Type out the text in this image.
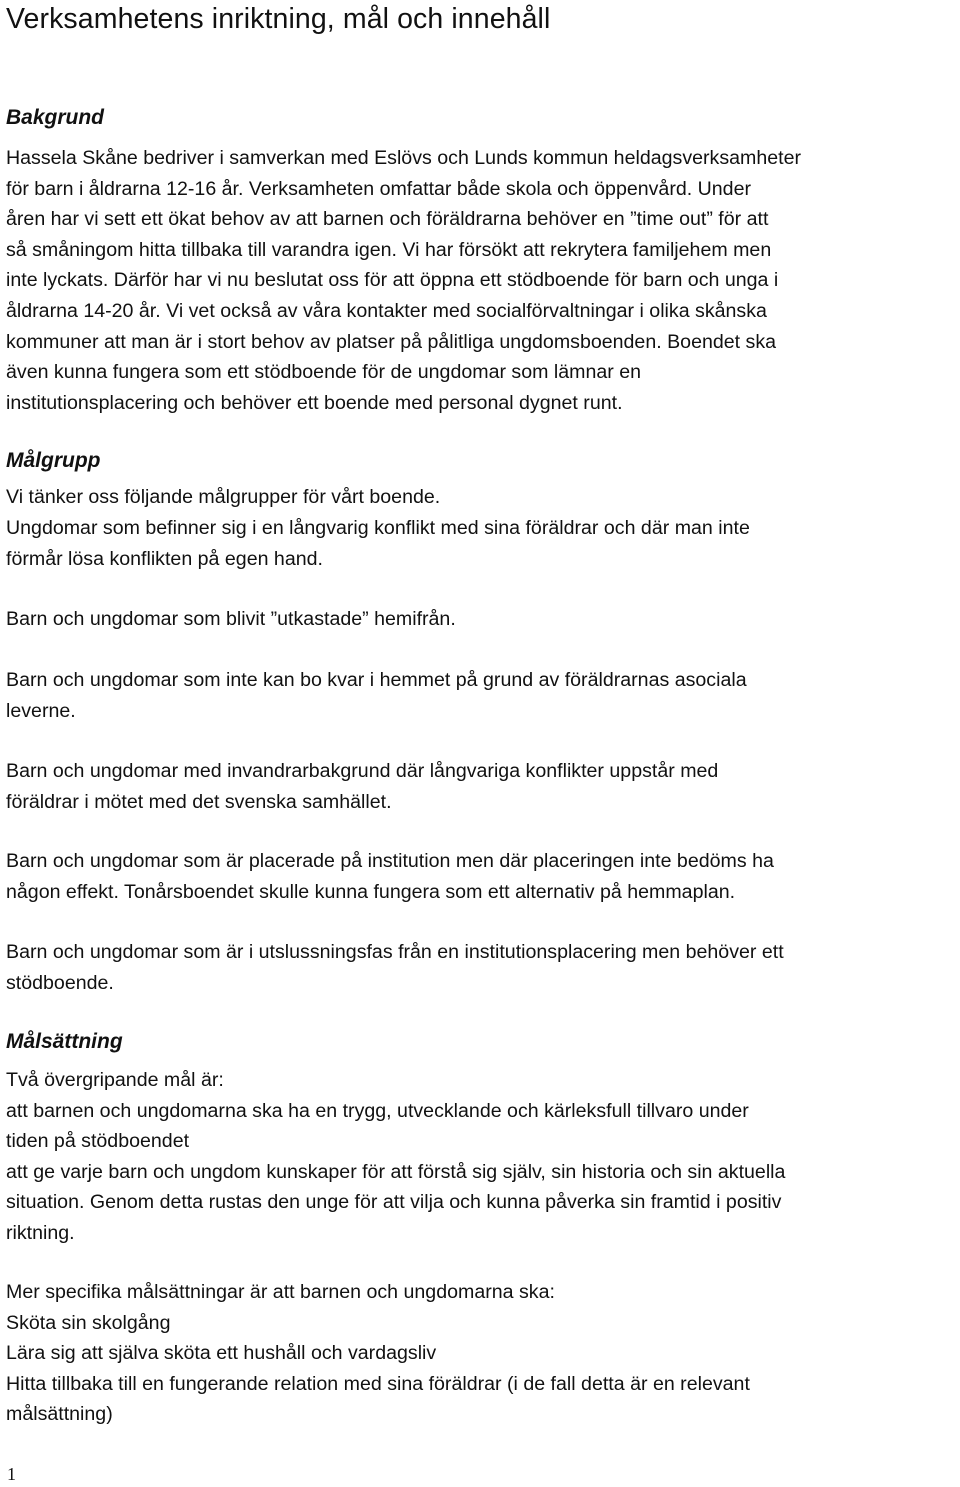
Verksamhetens inriktning, mål och innehåll
Bakgrund

Hassela Skåne bedriver i samverkan med Eslövs och Lunds kommun heldagsverksamheter
för barn i åldrarna 12-16 år. Verksamheten omfattar både skola och öppenvård. Under
åren har vi sett ett ökat behov av att barnen och föräldrarna behöver en ”time out” för att
så småningom hitta tillbaka till varandra igen. Vi har försökt att rekrytera familjehem men
inte lyckats. Därför har vi nu beslutat oss för att öppna ett stödboende för barn och unga i
åldrarna 14-20 år. Vi vet också av våra kontakter med socialförvaltningar i olika skånska
kommuner att man är i stort behov av platser på pålitliga ungdomsboenden. Boendet ska
även kunna fungera som ett stödboende för de ungdomar som lämnar en
institutionsplacering och behöver ett boende med personal dygnet runt.

Målgrupp

Vi tänker oss följande målgrupper för vårt boende.

Ungdomar som befinner sig i en långvarig konflikt med sina föräldrar och där man inte
förmår lösa konflikten på egen hand.

Barn och ungdomar som blivit ”utkastade” hemifrån.

Barn och ungdomar som inte kan bo kvar i hemmet på grund av föräldrarnas asociala
leverne.

Barn och ungdomar med invandrarbakgrund där långvariga konflikter uppstår med
föräldrar i mötet med det svenska samhället.

Barn och ungdomar som är placerade på institution men där placeringen inte bedöms ha
någon effekt. Tonårsboendet skulle kunna fungera som ett alternativ på hemmaplan.

Barn och ungdomar som är i utslussningsfas från en institutionsplacering men behöver ett
stödboende.

Målsättning

Två övergripande mål är:
att barnen och ungdomarna ska ha en trygg, utvecklande och kärleksfull tillvaro under
tiden på stödboendet
att ge varje barn och ungdom kunskaper för att förstå sig själv, sin historia och sin aktuella
situation. Genom detta rustas den unge för att vilja och kunna påverka sin framtid i positiv
riktning.

Mer specifika målsättningar är att barnen och ungdomarna ska:
Sköta sin skolgång
Lära sig att själva sköta ett hushåll och vardagsliv
Hitta tillbaka till en fungerande relation med sina föräldrar (i de fall detta är en relevant
målsättning)

1
